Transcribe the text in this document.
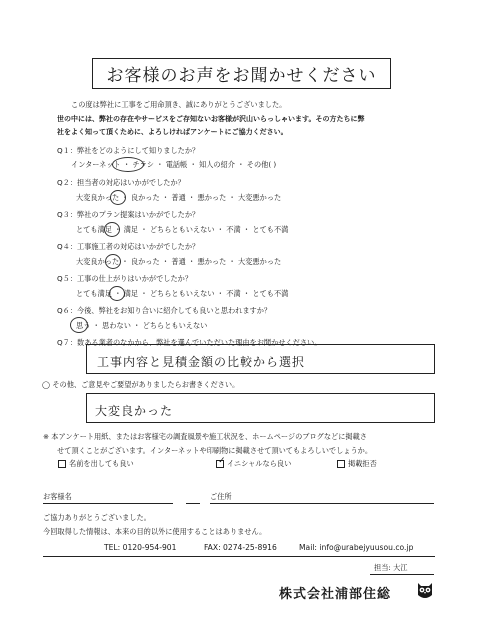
お客様のお声をお聞かせください
この度は弊社に工事をご用命頂き、誠にありがとうございました。
世の中には、弊社の存在やサービスをご存知ないお客様が沢山いらっしゃいます。その方たちに弊
社をよく知って頂くために、よろしければアンケートにご協力ください。
Q１：弊社をどのようにして知りましたか？
インターネット ・ チラシ ・ 電話帳 ・ 知人の紹介 ・ その他( )
Q２：担当者の対応はいかがでしたか？
大変良かった ・ 良かった ・ 普通 ・ 悪かった ・ 大変悪かった
Q３：弊社のプラン提案はいかがでしたか？
とても満足 ・ 満足 ・ どちらともいえない ・ 不満 ・ とても不満
Q４：工事施工者の対応はいかがでしたか？
大変良かった ・ 良かった ・ 普通 ・ 悪かった ・ 大変悪かった
Q５：工事の仕上がりはいかがでしたか？
とても満足 ・ 満足 ・ どちらともいえない ・ 不満 ・ とても不満
Q６：今後、弊社をお知り合いに紹介しても良いと思われますか？
思う ・ 思わない ・ どちらともいえない
Q７：数ある業者のなかから、弊社を選んでいただいた理由をお聞かせください。
工事内容と見積金額の比較から選択
◯ その他、ご意見やご要望がありましたらお書きください。
大変良かった
※ 本アンケート用紙、またはお客様宅の調査風景や施工状況を、ホームページのブログなどに掲載さ
せて頂くことがございます。インターネットや印刷物に掲載させて頂いてもよろしいでしょうか。
名前を出しても良い	✓ イニシャルなら良い	掲載拒否
お客様名	ご住所
ご協力ありがとうございました。
今回取得した情報は、本来の目的以外に使用することはありません。
TEL: 0120-954-901	FAX: 0274-25-8916	Mail: info@urabejyuusou.co.jp
担当: 大江
株式会社浦部住総
